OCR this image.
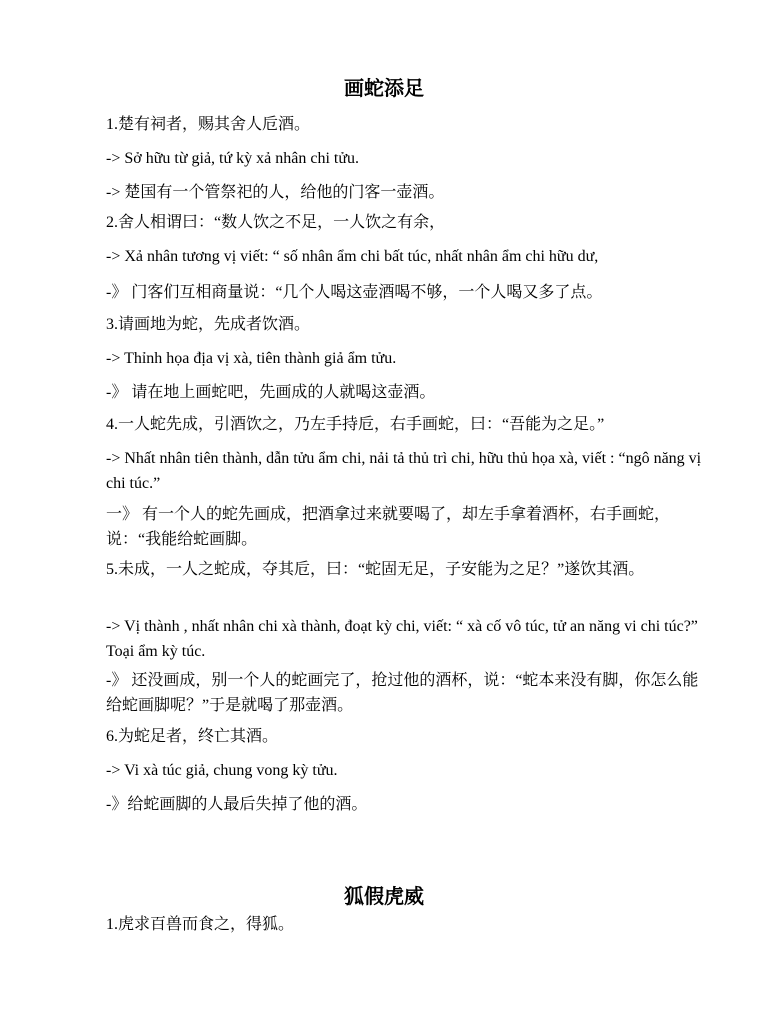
画蛇添足
1.楚有祠者，赐其舍人卮酒。
-> Sở hữu từ giả, tứ kỳ xả nhân chi tửu.
-> 楚国有一个管祭祀的人，给他的门客一壶酒。
2.舍人相谓曰：“数人饮之不足，一人饮之有余，
-> Xả nhân tương vị viết: “ số nhân ẩm chi bất túc, nhất nhân ẩm chi hữu dư,
-》 门客们互相商量说：“几个人喝这壶酒喝不够，一个人喝又多了点。
3.请画地为蛇，先成者饮酒。
-> Thỉnh họa địa vị xà, tiên thành giả ẩm tửu.
-》 请在地上画蛇吧，先画成的人就喝这壶酒。
4.一人蛇先成，引酒饮之，乃左手持卮，右手画蛇，曰：“吾能为之足。”
-> Nhất nhân tiên thành, dẫn tửu ẩm chi, nải tả thủ trì chi, hữu thủ họa xà, viết : “ngô năng vị chi túc.”
一》 有一个人的蛇先画成，把酒拿过来就要喝了，却左手拿着酒杯，右手画蛇，说：“我能给蛇画脚。
5.未成，一人之蛇成，夺其卮，曰：“蛇固无足，子安能为之足？”遂饮其酒。
-> Vị thành , nhất nhân chi xà thành, đoạt kỳ chi, viết: “ xà cố vô túc, tử an năng vi chi túc?” Toại ẩm kỳ túc.
-》 还没画成，别一个人的蛇画完了，抢过他的酒杯，说：“蛇本来没有脚，你怎么能给蛇画脚呢？”于是就喝了那壶酒。
6.为蛇足者，终亡其酒。
-> Vi xà túc giả, chung vong kỳ tửu.
-》给蛇画脚的人最后失掉了他的酒。
狐假虎威
1.虎求百兽而食之，得狐。
